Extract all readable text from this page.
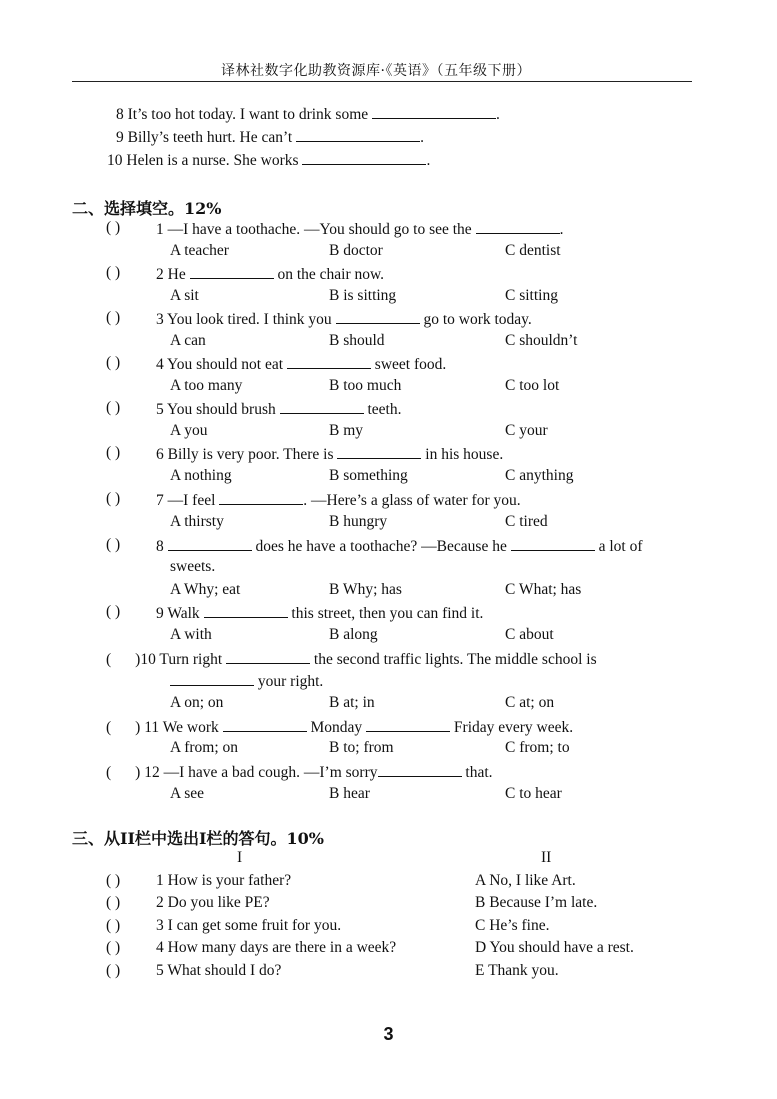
译林社数字化助教资源库·《英语》（五年级下册）
8 It’s too hot today. I want to drink some	.
9 Billy’s teeth hurt. He can’t	.
10 Helen is a nurse. She works	.
二、选择填空。12%
( ) 1 —I have a toothache. —You should go to see the	.
A teacher	B doctor	C dentist
( ) 2 He	on the chair now.
A sit	B is sitting	C sitting
( ) 3 You look tired. I think you	go to work today.
A can	B should	C shouldn’t
( ) 4 You should not eat	sweet food.
A too many	B too much	C too lot
( ) 5 You should brush	teeth.
A you	B my	C your
( ) 6 Billy is very poor. There is	in his house.
A nothing	B something	C anything
( ) 7 —I feel	. —Here’s a glass of water for you.
A thirsty	B hungry	C tired
( ) 8	does he have a toothache? —Because he	a lot of
sweets.
A Why; eat	B Why; has	C What; has
( ) 9 Walk	this street, then you can find it.
A with	B along	C about
( )10 Turn right	the second traffic lights. The middle school is
your right.
A on; on	B at; in	C at; on
( ) 11 We work	Monday	Friday every week.
A from; on	B to; from	C from; to
( ) 12 —I have a bad cough. —I’m sorry	that.
A see	B hear	C to hear
三、从II栏中选出I栏的答句。10%
I	II
( ) 1 How is your father?	A No, I like Art.
( ) 2 Do you like PE?	B Because I’m late.
( ) 3 I can get some fruit for you.	C He’s fine.
( ) 4 How many days are there in a week?	D You should have a rest.
( ) 5 What should I do?	E Thank you.
3
